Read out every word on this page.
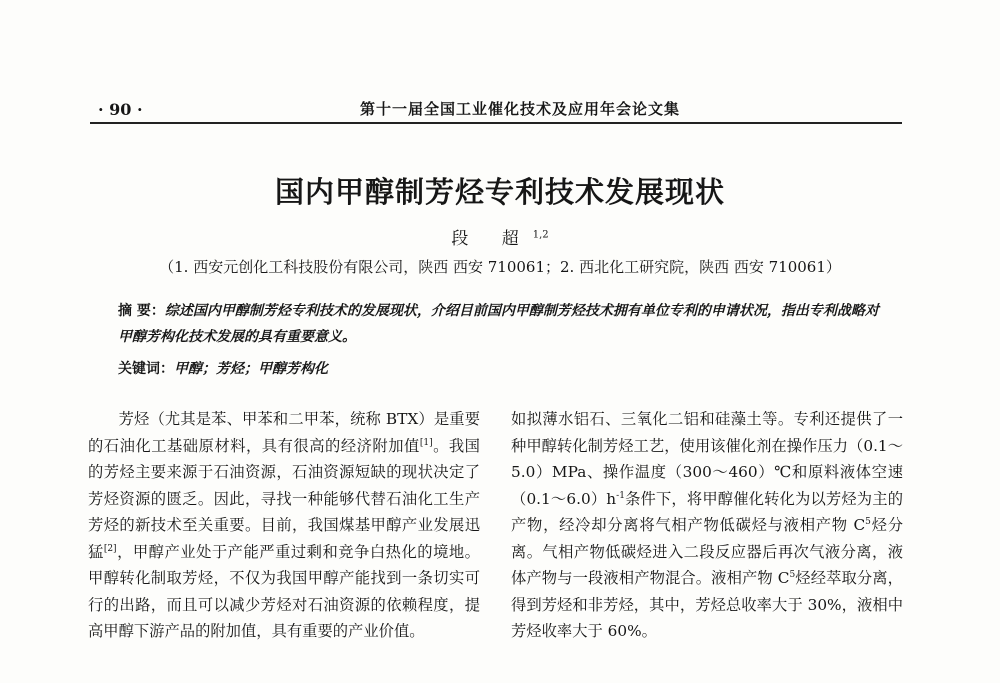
· 90 ·	第十一届全国工业催化技术及应用年会论文集
国内甲醇制芳烃专利技术发展现状
段 超$^{1,2}$
（1. 西安元创化工科技股份有限公司，陕西 西安 710061；2. 西北化工研究院，陕西 西安 710061）
摘 要：综述国内甲醇制芳烃专利技术的发展现状，介绍目前国内甲醇制芳烃技术拥有单位专利的申请状况，指出专利战略对甲醇芳构化技术发展的具有重要意义。
关键词：甲醇；芳烃；甲醇芳构化

芳烃（尤其是苯、甲苯和二甲苯，统称 BTX）是重要的石油化工基础原材料，具有很高的经济附加值[1]。我国的芳烃主要来源于石油资源，石油资源短缺的现状决定了芳烃资源的匮乏。因此，寻找一种能够代替石油化工生产芳烃的新技术至关重要。目前，我国煤基甲醇产业发展迅猛[2]，甲醇产业处于产能严重过剩和竞争白热化的境地。甲醇转化制取芳烃，不仅为我国甲醇产能找到一条切实可行的出路，而且可以减少芳烃对石油资源的依赖程度，提高甲醇下游产品的附加值，具有重要的产业价值。

如拟薄水铝石、三氧化二铝和硅藻土等。专利还提供了一种甲醇转化制芳烃工艺，使用该催化剂在操作压力（0.1～5.0）MPa、操作温度（300～460）℃和原料液体空速$(0.1\sim 6.0)h^{-1}$条件下，将甲醇催化转化为以芳烃为主的产物，经冷却分离将气相产物低碳烃与液相产物 $C^5$烃分离。气相产物低碳烃进入二段反应器后再次气液分离，液体产物与一段液相产物混合。液相产物 $C^5$烃经萃取分离，得到芳烃和非芳烃，其中，芳烃总收率大于 30%，液相中芳烃收率大于 60%。
